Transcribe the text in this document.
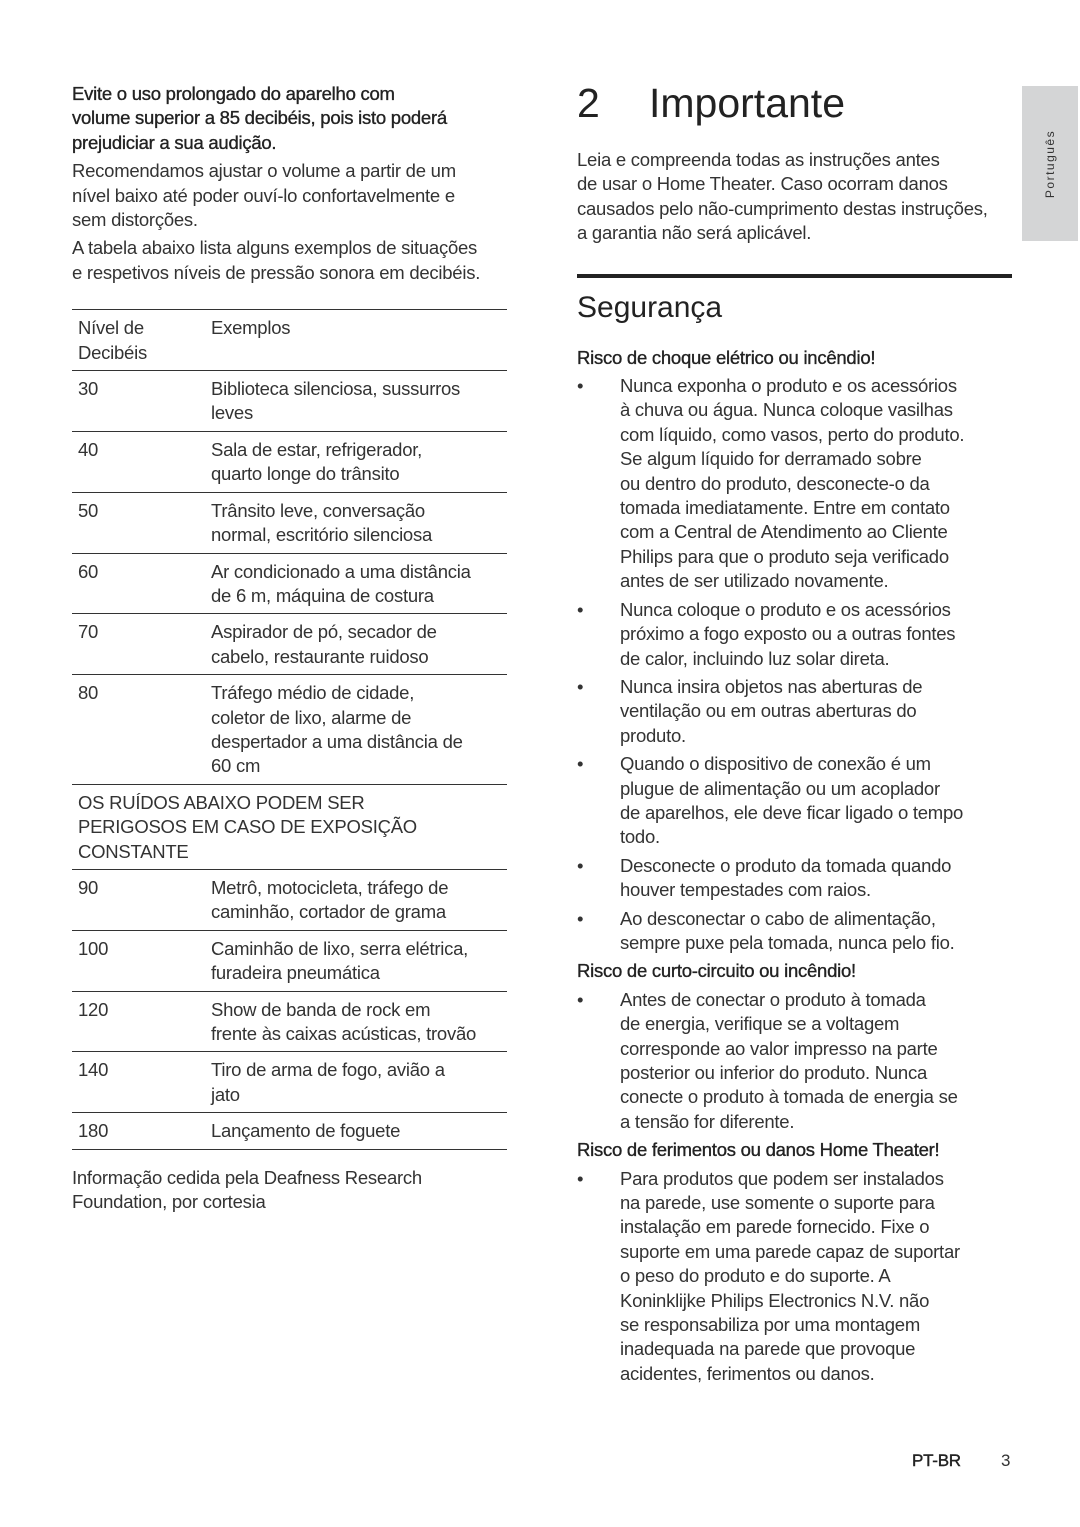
Evite o uso prolongado do aparelho com
volume superior a 85 decibéis, pois isto poderá
prejudiciar a sua audição.

Recomendamos ajustar o volume a partir de um
nível baixo até poder ouví-lo confortavelmente e
sem distorções.

A tabela abaixo lista alguns exemplos de situações
e respetivos níveis de pressão sonora em decibéis.

Nível de
Decibéis	Exemplos
30	Biblioteca silenciosa, sussurros
leves
40	Sala de estar, refrigerador,
quarto longe do trânsito
50	Trânsito leve, conversação
normal, escritório silenciosa
60	Ar condicionado a uma distância
de 6 m, máquina de costura
70	Aspirador de pó, secador de
cabelo, restaurante ruidoso
80	Tráfego médio de cidade,
coletor de lixo, alarme de
despertador a uma distância de
60 cm
OS RUÍDOS ABAIXO PODEM SER
PERIGOSOS EM CASO DE EXPOSIÇÃO
CONSTANTE	
90	Metrô, motocicleta, tráfego de
caminhão, cortador de grama
100	Caminhão de lixo, serra elétrica,
furadeira pneumática
120	Show de banda de rock em
frente às caixas acústicas, trovão
140	Tiro de arma de fogo, avião a
jato
180	Lançamento de foguete

Informação cedida pela Deafness Research
Foundation, por cortesia

2 Importante

Leia e compreenda todas as instruções antes
de usar o Home Theater. Caso ocorram danos
causados pelo não-cumprimento destas instruções,
a garantia não será aplicável.

Segurança

Risco de choque elétrico ou incêndio!

• Nunca exponha o produto e os acessórios
à chuva ou água. Nunca coloque vasilhas
com líquido, como vasos, perto do produto.
Se algum líquido for derramado sobre
ou dentro do produto, desconecte-o da
tomada imediatamente. Entre em contato
com a Central de Atendimento ao Cliente
Philips para que o produto seja verificado
antes de ser utilizado novamente.
• Nunca coloque o produto e os acessórios
próximo a fogo exposto ou a outras fontes
de calor, incluindo luz solar direta.
• Nunca insira objetos nas aberturas de
ventilação ou em outras aberturas do
produto.
• Quando o dispositivo de conexão é um
plugue de alimentação ou um acoplador
de aparelhos, ele deve ficar ligado o tempo
todo.
• Desconecte o produto da tomada quando
houver tempestades com raios.
• Ao desconectar o cabo de alimentação,
sempre puxe pela tomada, nunca pelo fio.

Risco de curto-circuito ou incêndio!

• Antes de conectar o produto à tomada
de energia, verifique se a voltagem
corresponde ao valor impresso na parte
posterior ou inferior do produto. Nunca
conecte o produto à tomada de energia se
a tensão for diferente.

Risco de ferimentos ou danos Home Theater!

• Para produtos que podem ser instalados
na parede, use somente o suporte para
instalação em parede fornecido. Fixe o
suporte em uma parede capaz de suportar
o peso do produto e do suporte. A
Koninklijke Philips Electronics N.V. não
se responsabiliza por uma montagem
inadequada na parede que provoque
acidentes, ferimentos ou danos.
Português
PT-BR 3
